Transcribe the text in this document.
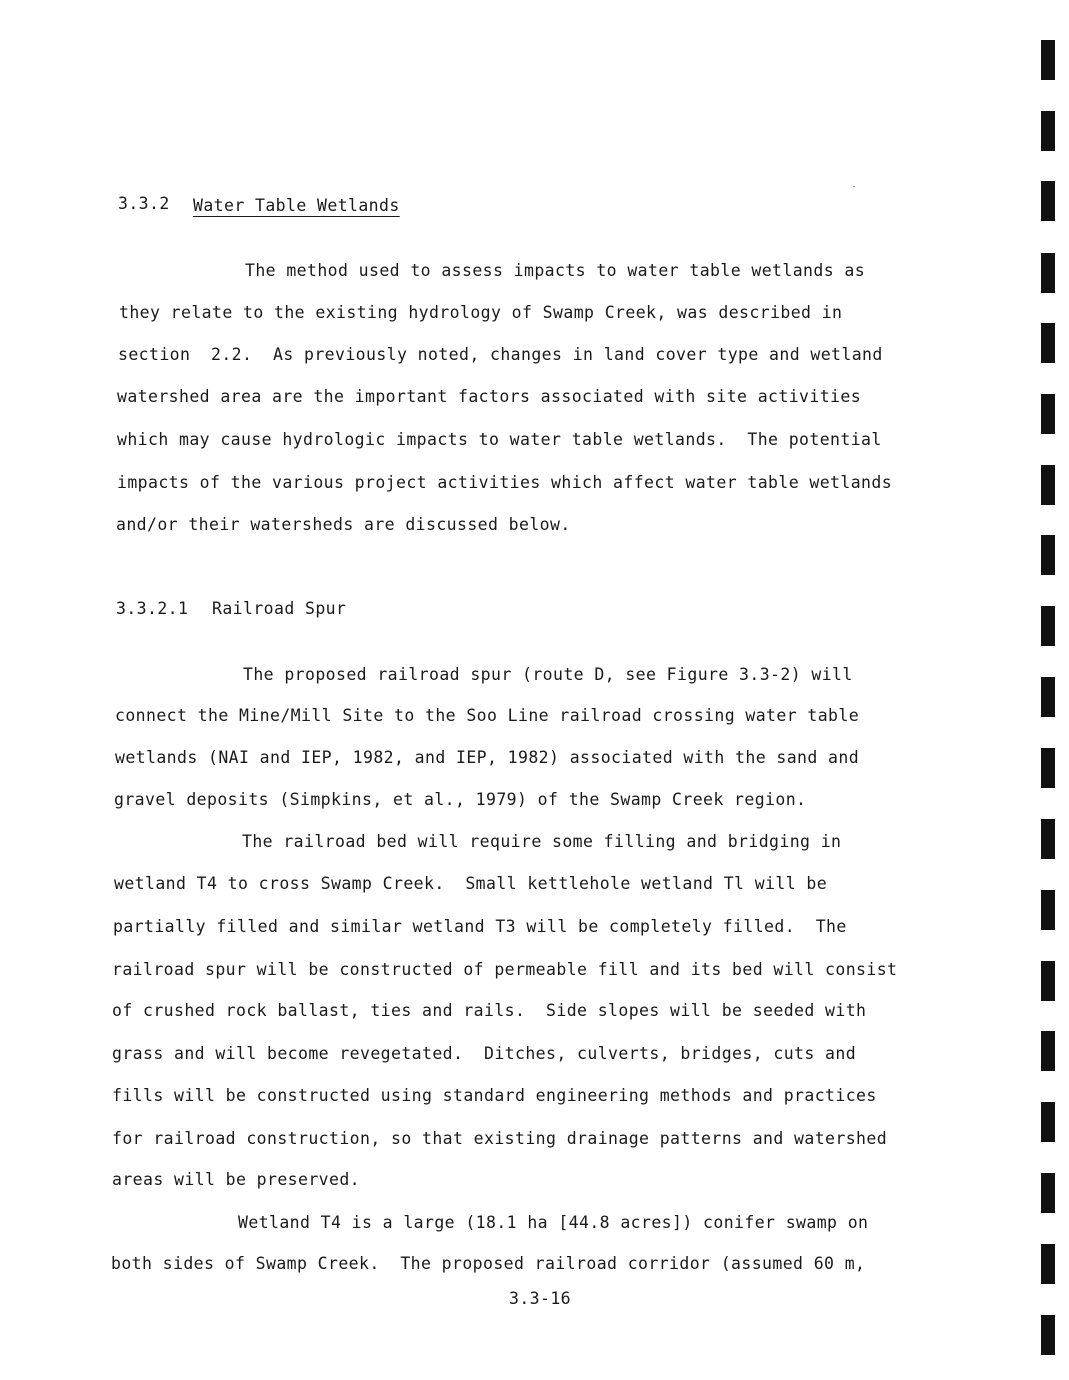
3.3.2 Water Table Wetlands
The method used to assess impacts to water table wetlands as
they relate to the existing hydrology of Swamp Creek, was described in
section  2.2.  As previously noted, changes in land cover type and wetland
watershed area are the important factors associated with site activities
which may cause hydrologic impacts to water table wetlands.  The potential
impacts of the various project activities which affect water table wetlands
and/or their watersheds are discussed below.
3.3.2.1 Railroad Spur
The proposed railroad spur (route D, see Figure 3.3-2) will
connect the Mine/Mill Site to the Soo Line railroad crossing water table
wetlands (NAI and IEP, 1982, and IEP, 1982) associated with the sand and
gravel deposits (Simpkins, et al., 1979) of the Swamp Creek region.
The railroad bed will require some filling and bridging in
wetland T4 to cross Swamp Creek.  Small kettlehole wetland Tl will be
partially filled and similar wetland T3 will be completely filled.  The
railroad spur will be constructed of permeable fill and its bed will consist
of crushed rock ballast, ties and rails.  Side slopes will be seeded with
grass and will become revegetated.  Ditches, culverts, bridges, cuts and
fills will be constructed using standard engineering methods and practices
for railroad construction, so that existing drainage patterns and watershed
areas will be preserved.
Wetland T4 is a large (18.1 ha [44.8 acres]) conifer swamp on
both sides of Swamp Creek.  The proposed railroad corridor (assumed 60 m,
3.3-16
